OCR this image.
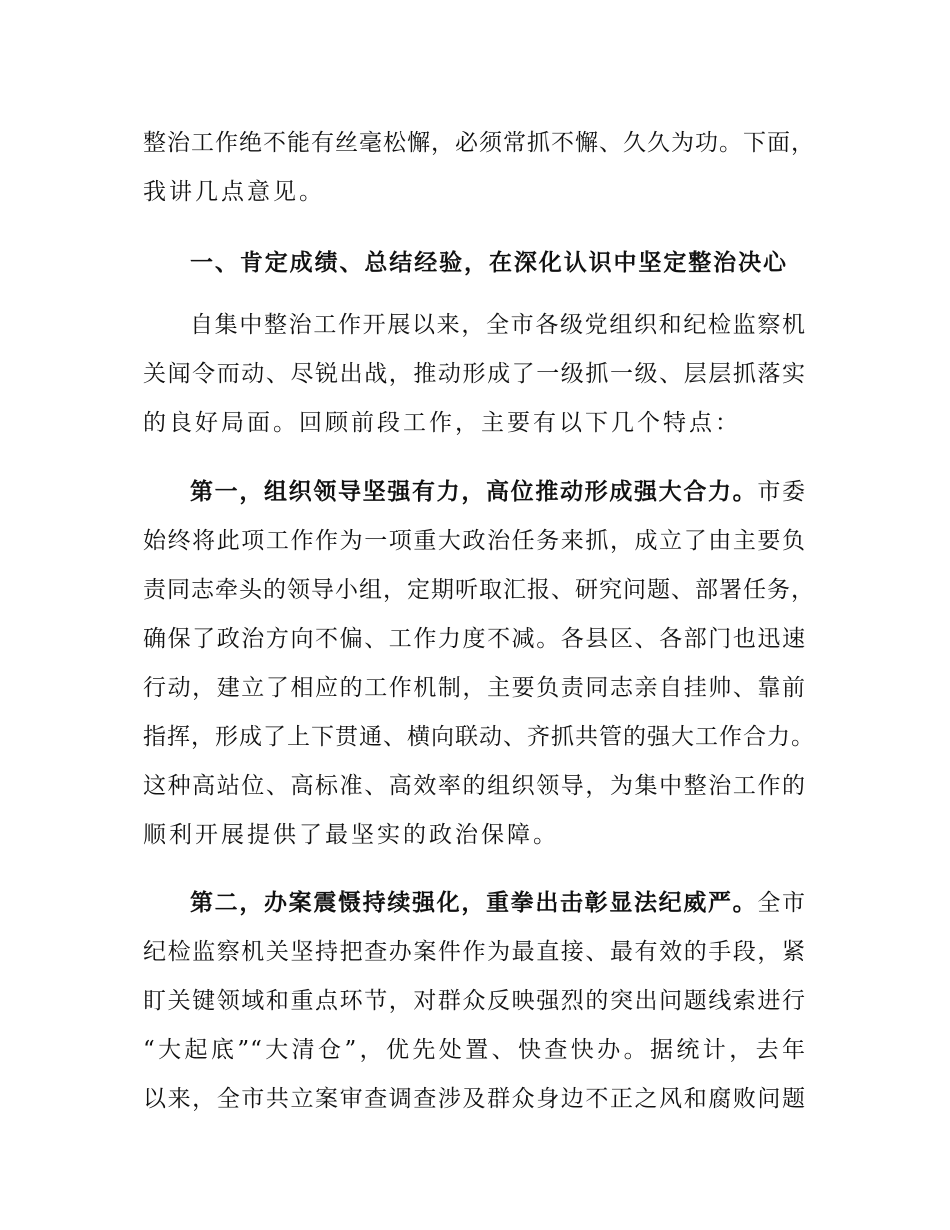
整治工作绝不能有丝毫松懈，必须常抓不懈、久久为功。下面，
我讲几点意见。
一、肯定成绩、总结经验，在深化认识中坚定整治决心
自集中整治工作开展以来，全市各级党组织和纪检监察机
关闻令而动、尽锐出战，推动形成了一级抓一级、层层抓落实
的良好局面。回顾前段工作，主要有以下几个特点：
第一，组织领导坚强有力，高位推动形成强大合力。市委
始终将此项工作作为一项重大政治任务来抓，成立了由主要负
责同志牵头的领导小组，定期听取汇报、研究问题、部署任务，
确保了政治方向不偏、工作力度不减。各县区、各部门也迅速
行动，建立了相应的工作机制，主要负责同志亲自挂帅、靠前
指挥，形成了上下贯通、横向联动、齐抓共管的强大工作合力。
这种高站位、高标准、高效率的组织领导，为集中整治工作的
顺利开展提供了最坚实的政治保障。
第二，办案震慑持续强化，重拳出击彰显法纪威严。全市
纪检监察机关坚持把查办案件作为最直接、最有效的手段，紧
盯关键领域和重点环节，对群众反映强烈的突出问题线索进行
“大起底”“大清仓”，优先处置、快查快办。据统计，去年
以来，全市共立案审查调查涉及群众身边不正之风和腐败问题
